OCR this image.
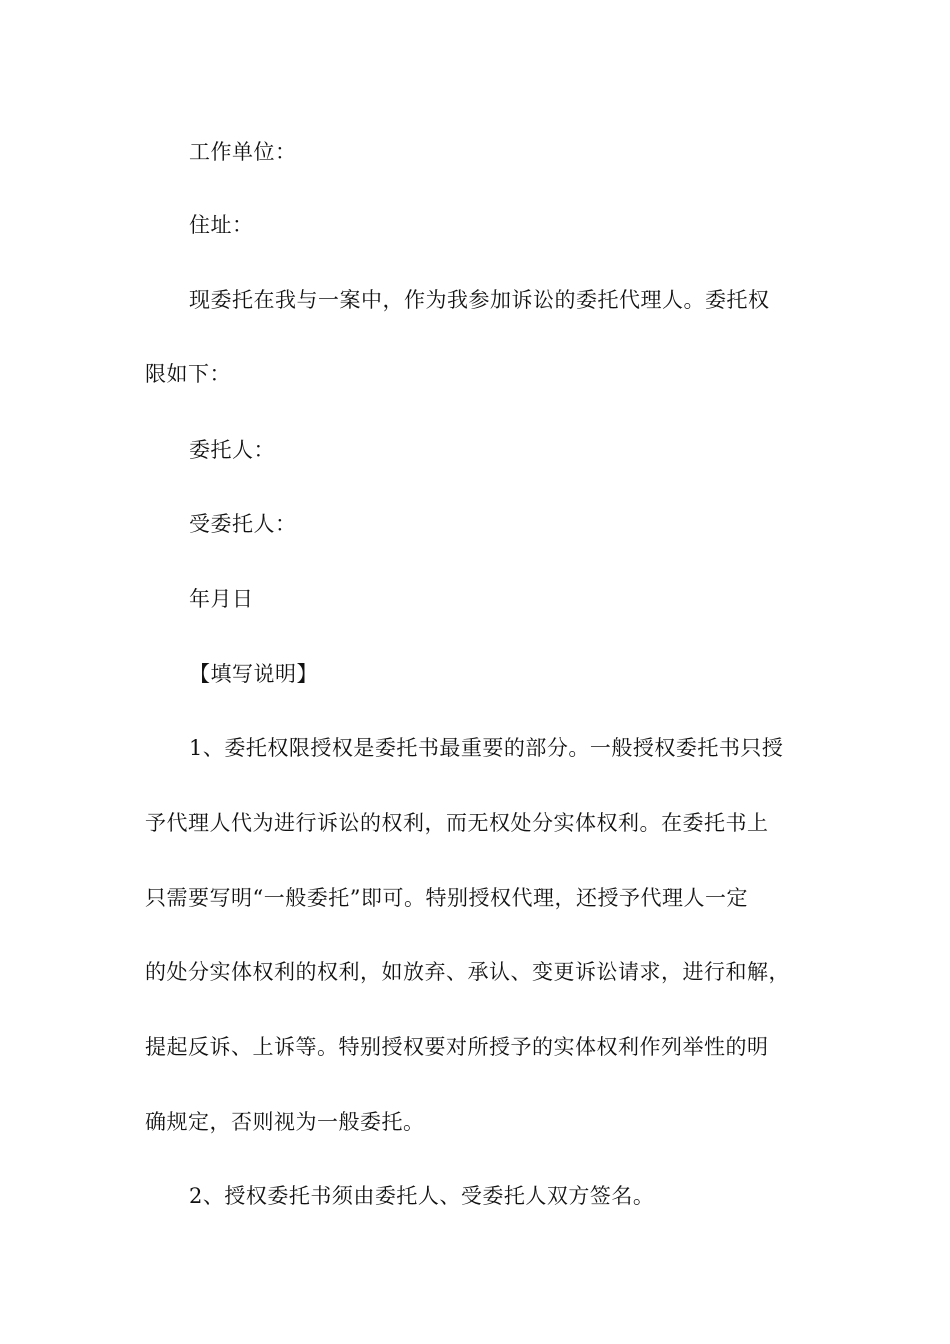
工作单位：
住址：
现委托在我与一案中，作为我参加诉讼的委托代理人。委托权
限如下：
委托人：
受委托人：
年月日
【填写说明】
1、委托权限授权是委托书最重要的部分。一般授权委托书只授
予代理人代为进行诉讼的权利，而无权处分实体权利。在委托书上
只需要写明“一般委托”即可。特别授权代理，还授予代理人一定
的处分实体权利的权利，如放弃、承认、变更诉讼请求，进行和解，
提起反诉、上诉等。特别授权要对所授予的实体权利作列举性的明
确规定，否则视为一般委托。
2、授权委托书须由委托人、受委托人双方签名。
